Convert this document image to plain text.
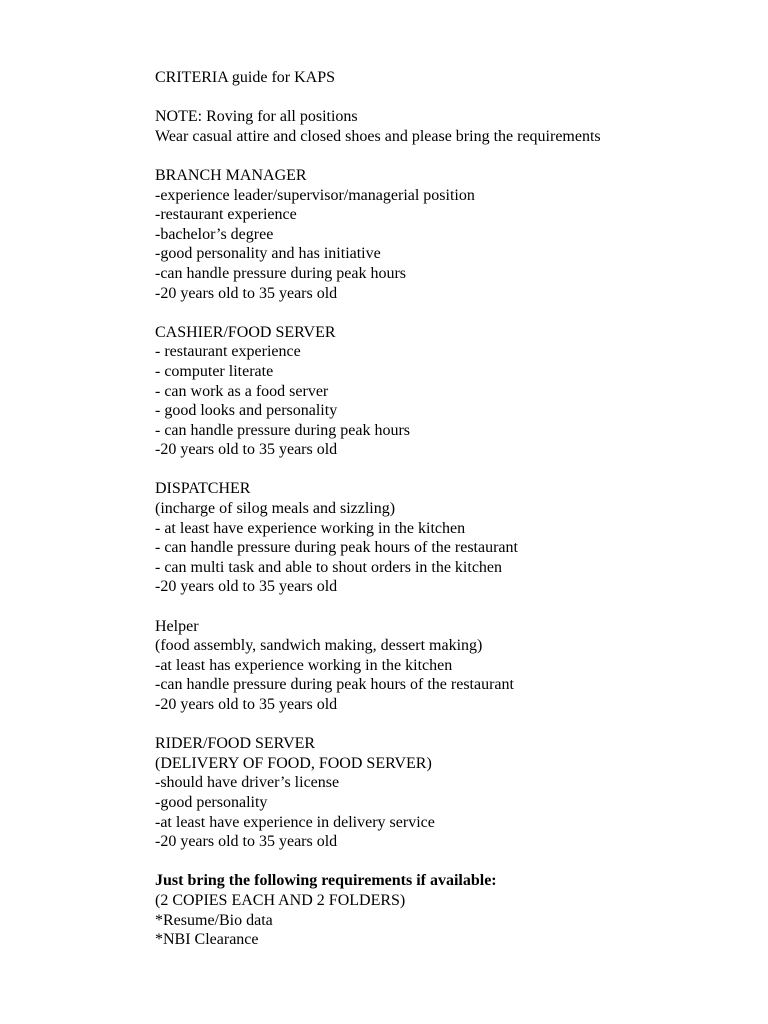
CRITERIA guide for KAPS

NOTE: Roving for all positions

Wear casual attire and closed shoes and please bring the requirements

BRANCH MANAGER

-experience leader/supervisor/managerial position

-restaurant experience

-bachelor’s degree

-good personality and has initiative

-can handle pressure during peak hours

-20 years old to 35 years old

CASHIER/FOOD SERVER

- restaurant experience

- computer literate

- can work as a food server

- good looks and personality

- can handle pressure during peak hours

-20 years old to 35 years old

DISPATCHER

(incharge of silog meals and sizzling)

- at least have experience working in the kitchen

- can handle pressure during peak hours of the restaurant

- can multi task and able to shout orders in the kitchen

-20 years old to 35 years old

Helper

(food assembly, sandwich making, dessert making)

-at least has experience working in the kitchen

-can handle pressure during peak hours of the restaurant

-20 years old to 35 years old

RIDER/FOOD SERVER

(DELIVERY OF FOOD, FOOD SERVER)

-should have driver’s license

-good personality

-at least have experience in delivery service

-20 years old to 35 years old

Just bring the following requirements if available:

(2 COPIES EACH AND 2 FOLDERS)

*Resume/Bio data

*NBI Clearance
